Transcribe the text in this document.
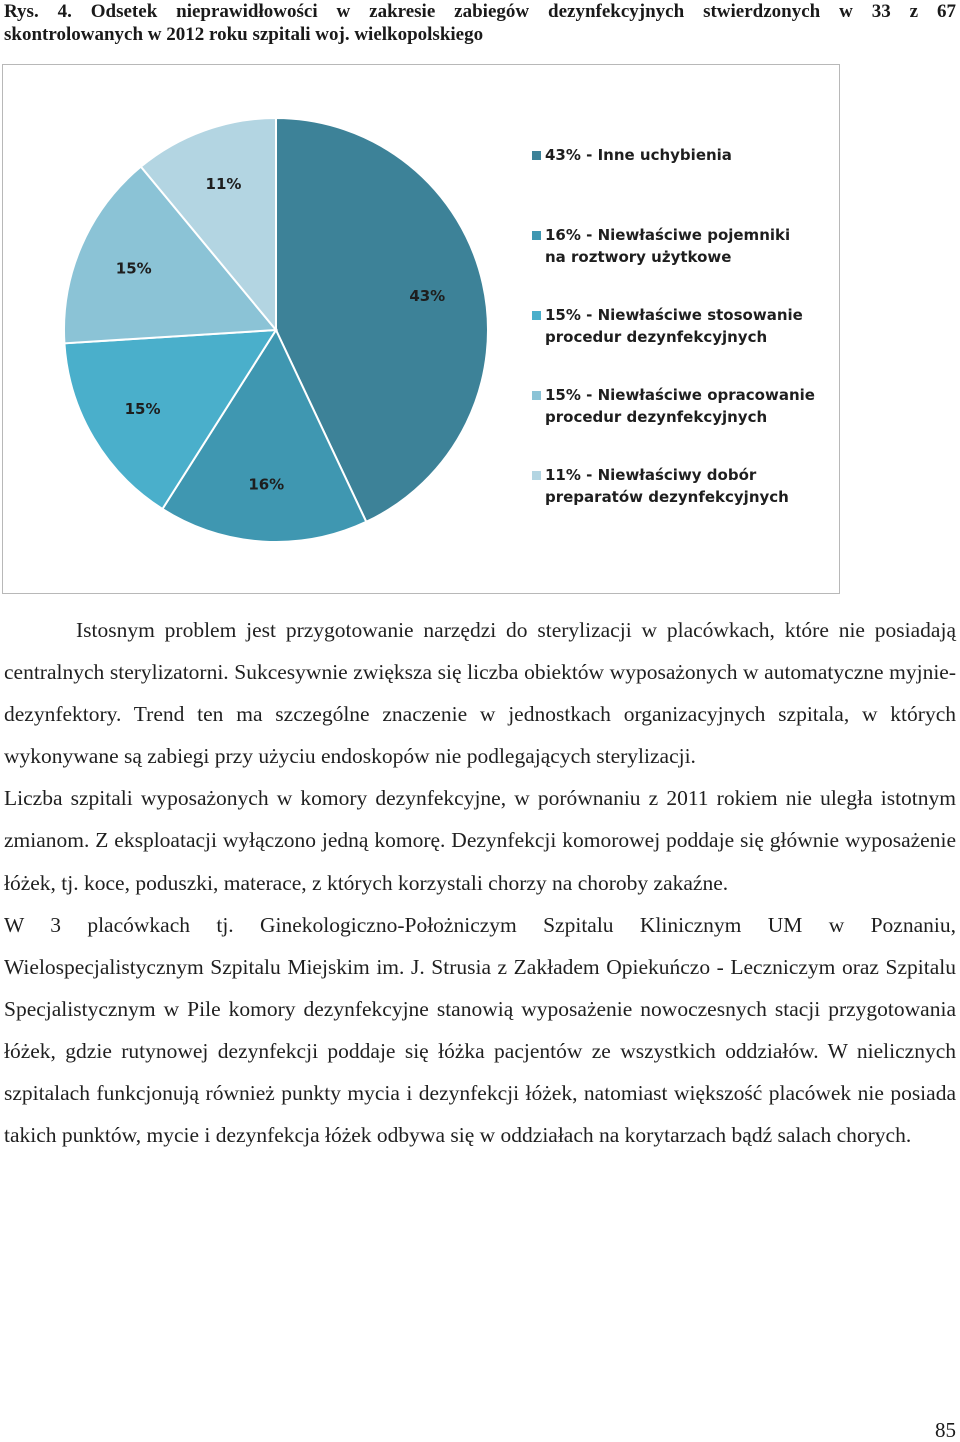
Rys. 4. Odsetek nieprawidłowości w zakresie zabiegów dezynfekcyjnych stwierdzonych w 33 z 67
skontrolowanych w 2012 roku szpitali woj. wielkopolskiego
43%
16%
15%
15%
11%
43% - Inne uchybienia
16% - Niewłaściwe pojemniki na roztwory użytkowe
15% - Niewłaściwe stosowanie procedur dezynfekcyjnych
15% - Niewłaściwe opracowanie procedur dezynfekcyjnych
11% - Niewłaściwy dobór preparatów dezynfekcyjnych

Istosnym problem jest przygotowanie narzędzi do sterylizacji w placówkach, które nie posiadają centralnych sterylizatorni. Sukcesywnie zwiększa się liczba obiektów wyposażonych w automatyczne myjnie-dezynfektory. Trend ten ma szczególne znaczenie w jednostkach organizacyjnych szpitala, w których wykonywane są zabiegi przy użyciu endoskopów nie podlegających sterylizacji.

Liczba szpitali wyposażonych w komory dezynfekcyjne, w porównaniu z 2011 rokiem nie uległa istotnym zmianom. Z eksploatacji wyłączono jedną komorę. Dezynfekcji komorowej poddaje się głównie wyposażenie łóżek, tj. koce, poduszki, materace, z których korzystali chorzy na choroby zakaźne.

W 3 placówkach tj. Ginekologiczno-Położniczym Szpitalu Klinicznym UM w Poznaniu, Wielospecjalistycznym Szpitalu Miejskim im. J. Strusia z Zakładem Opiekuńczo - Leczniczym oraz Szpitalu Specjalistycznym w Pile komory dezynfekcyjne stanowią wyposażenie nowoczesnych stacji przygotowania łóżek, gdzie rutynowej dezynfekcji poddaje się łóżka pacjentów ze wszystkich oddziałów. W nielicznych szpitalach funkcjonują również punkty mycia i dezynfekcji łóżek, natomiast większość placówek nie posiada takich punktów, mycie i dezynfekcja łóżek odbywa się w oddziałach na korytarzach bądź salach chorych.

85
